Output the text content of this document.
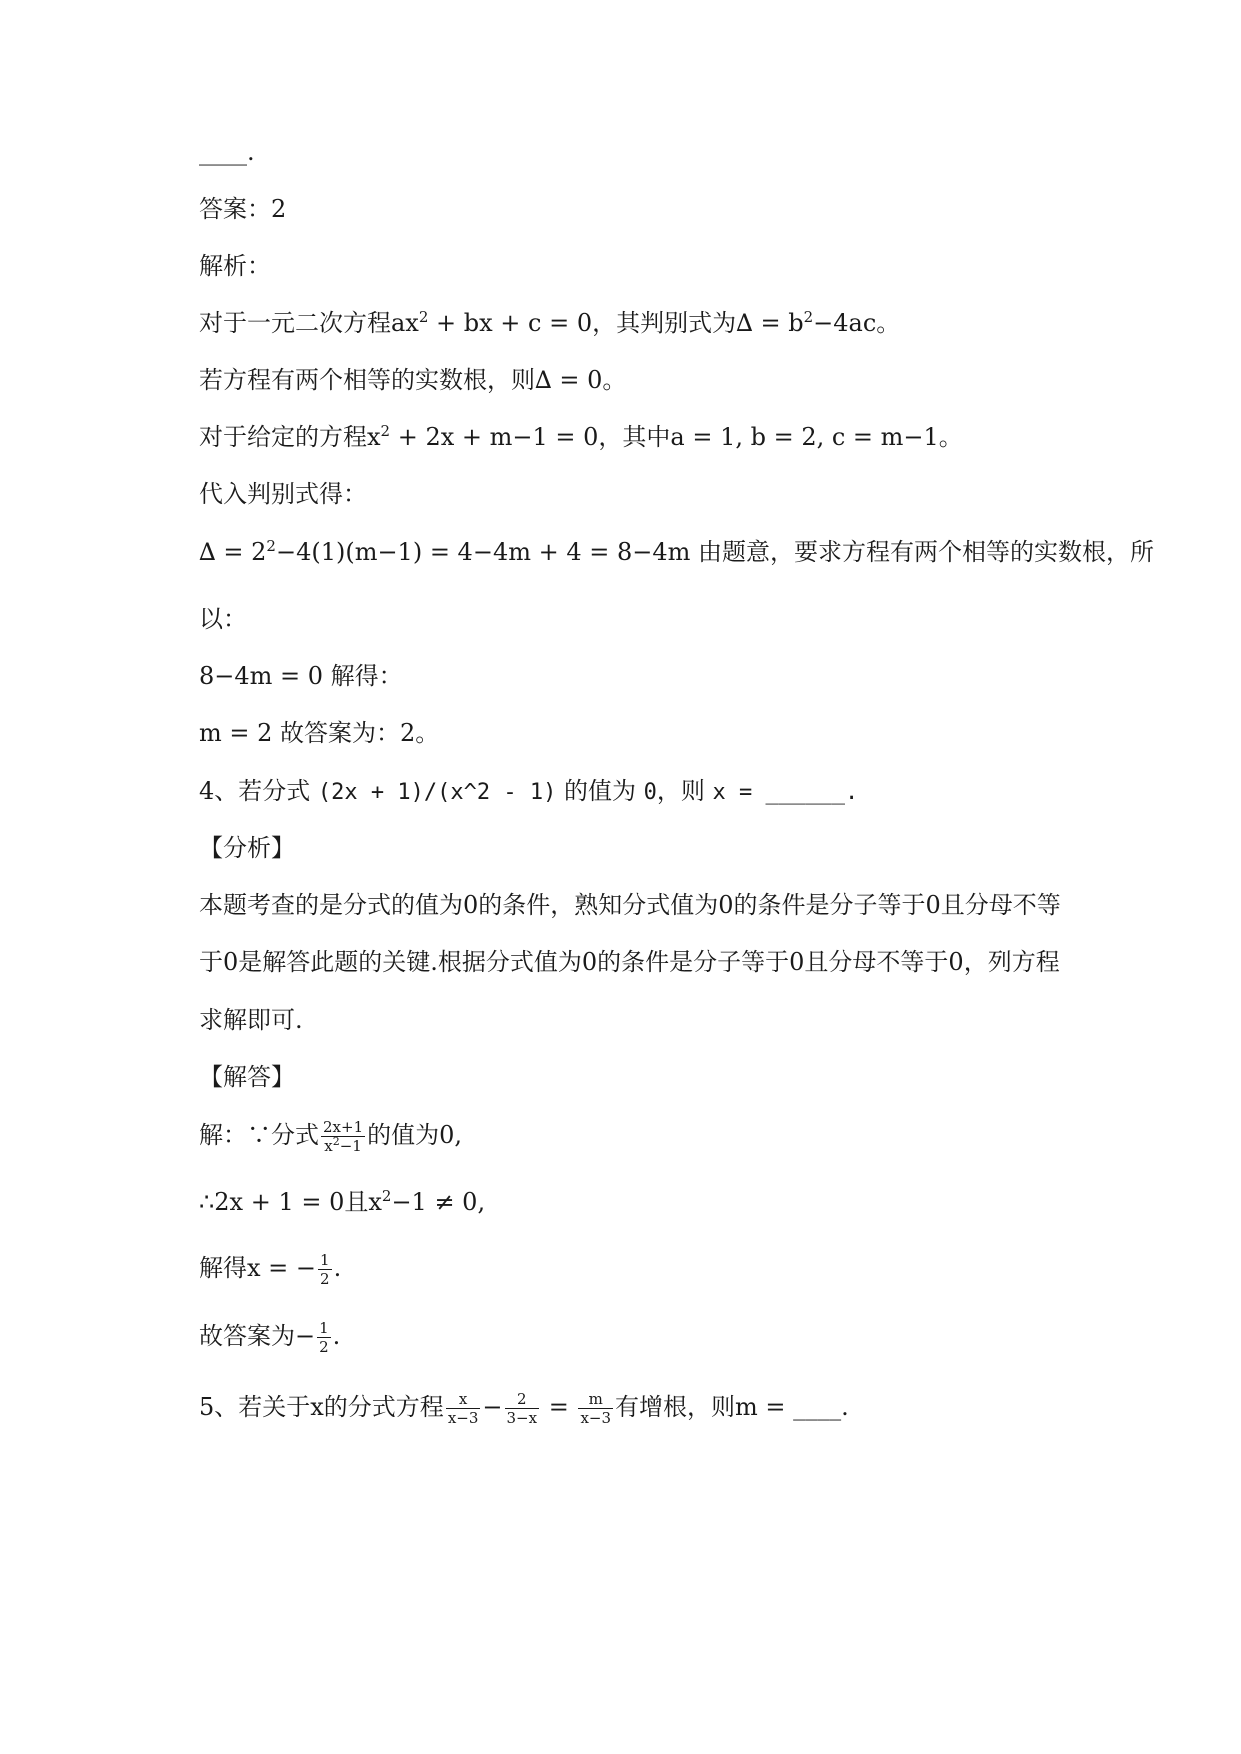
____.
答案：2
解析：
对于一元二次方程$ax^2$ + bx + c = 0，其判别式为∆ = $b^2-4ac$。
若方程有两个相等的实数根，则∆ = 0。
对于给定的方程$x^2 + 2x + m-1 = 0$，其中a = 1, b = 2, c = m−1。
代入判别式得：
∆ = $2^2-4(1)(m-1) = 4-4m + 4 = 8-4m$ 由题意，要求方程有两个相等的实数根，所
以：
8−4m = 0 解得：
m = 2 故答案为：2。
4、若分式 (2x + 1)/(x^2 - 1) 的值为 0，则 x = ______.
【分析】
本题考查的是分式的值为0的条件，熟知分式值为0的条件是分子等于0且分母不等
于0是解答此题的关键.根据分式值为0的条件是分子等于0且分母不等于0，列方程
求解即可.
【解答】
解：∵分式 $\frac{2x+1}{x^2-1}$ 的值为0,
∴2x + 1 = 0且$x^2-1 \ne 0$,
解得x = − $\frac{1}{2}$ .
故答案为− $\frac{1}{2}$ .
5、若关于x的分式方程 $\frac{x}{x-3} - \frac{2}{3-x} = \frac{m}{x-3}$ 有增根，则m = ____.
